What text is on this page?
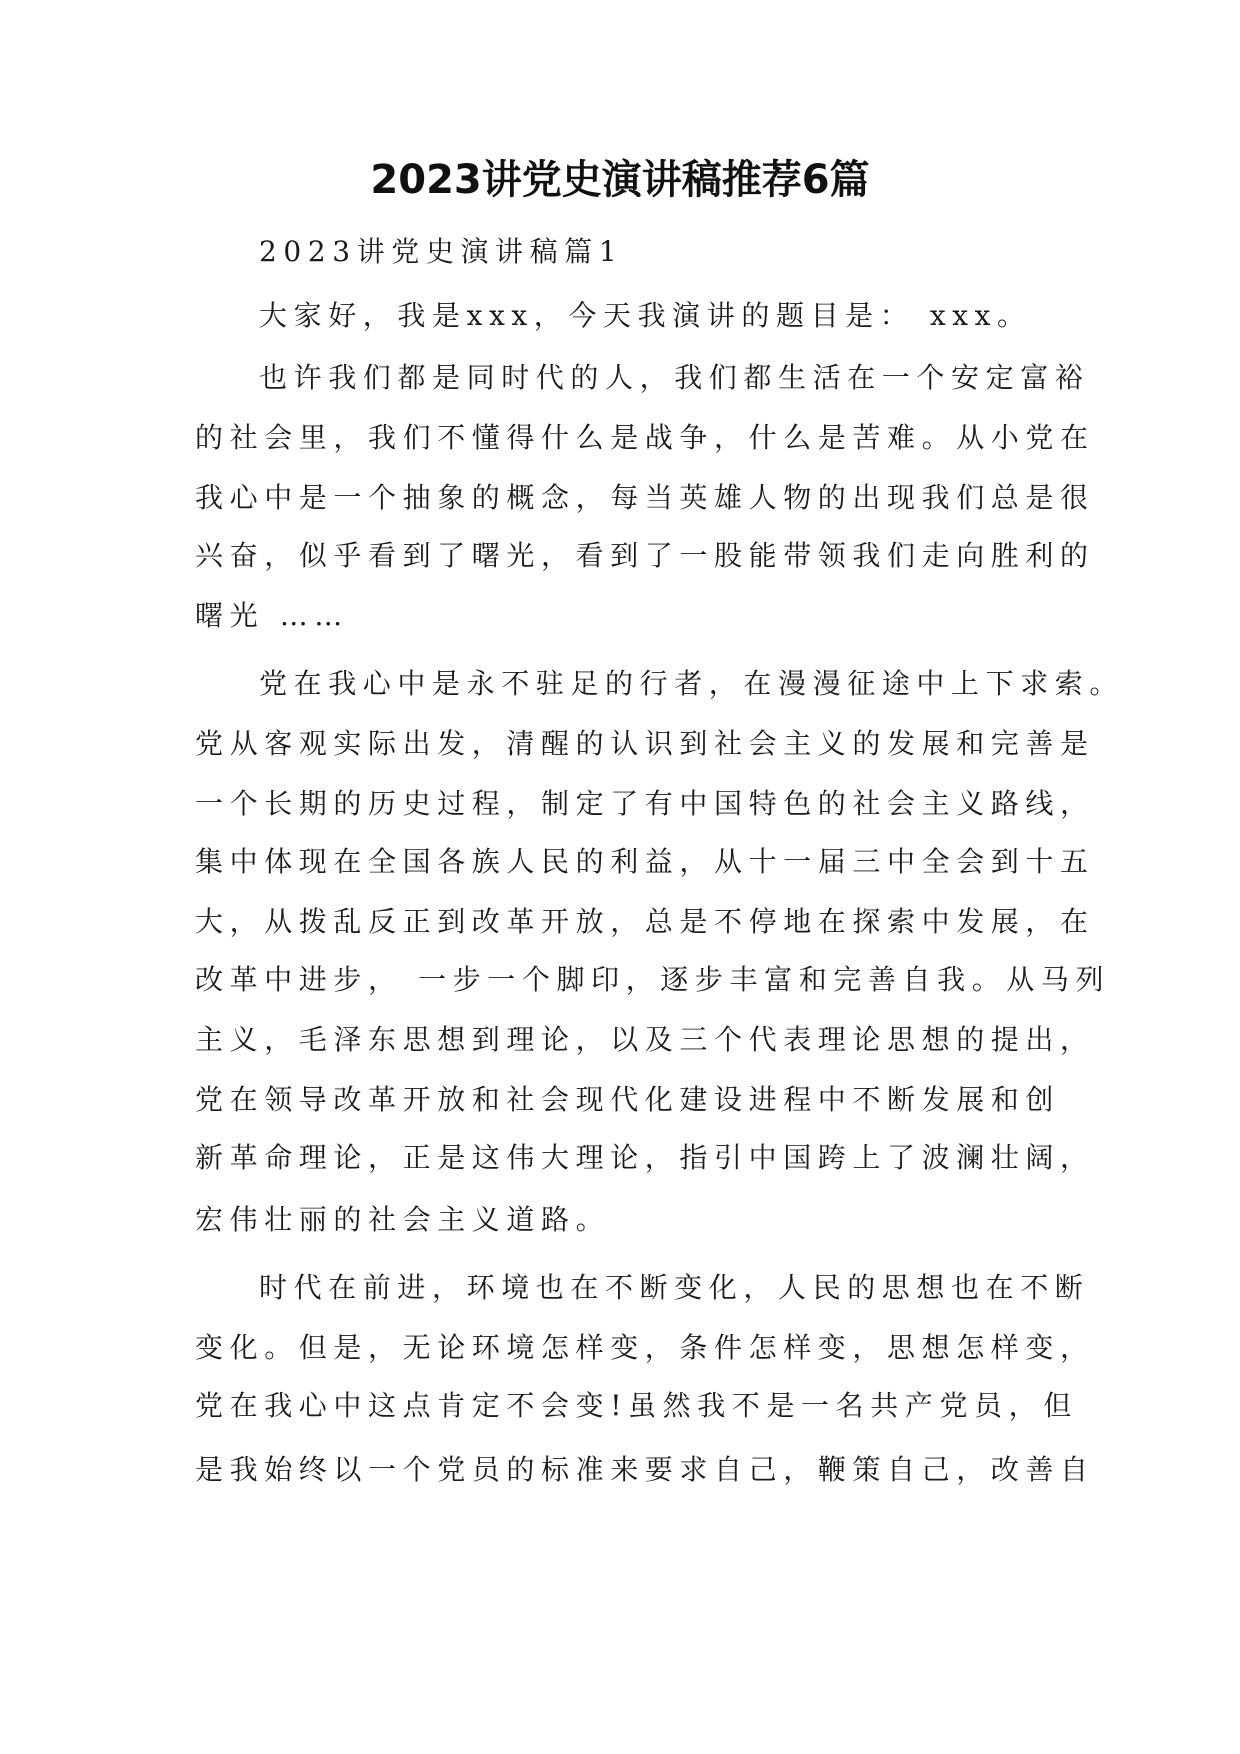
2023讲党史演讲稿推荐6篇

2023讲党史演讲稿篇1

大家好，我是xxx，今天我演讲的题目是： xxx。

也许我们都是同时代的人，我们都生活在一个安定富裕

的社会里，我们不懂得什么是战争，什么是苦难。从小党在

我心中是一个抽象的概念，每当英雄人物的出现我们总是很

兴奋，似乎看到了曙光，看到了一股能带领我们走向胜利的

曙光 ……

党在我心中是永不驻足的行者，在漫漫征途中上下求索。

党从客观实际出发，清醒的认识到社会主义的发展和完善是

一个长期的历史过程，制定了有中国特色的社会主义路线，

集中体现在全国各族人民的利益，从十一届三中全会到十五

大，从拨乱反正到改革开放，总是不停地在探索中发展，在

改革中进步， 一步一个脚印，逐步丰富和完善自我。从马列

主义，毛泽东思想到理论，以及三个代表理论思想的提出，

党在领导改革开放和社会现代化建设进程中不断发展和创

新革命理论，正是这伟大理论，指引中国跨上了波澜壮阔，

宏伟壮丽的社会主义道路。

时代在前进，环境也在不断变化，人民的思想也在不断

变化。但是，无论环境怎样变，条件怎样变，思想怎样变，

党在我心中这点肯定不会变!虽然我不是一名共产党员，但

是我始终以一个党员的标准来要求自己，鞭策自己，改善自
